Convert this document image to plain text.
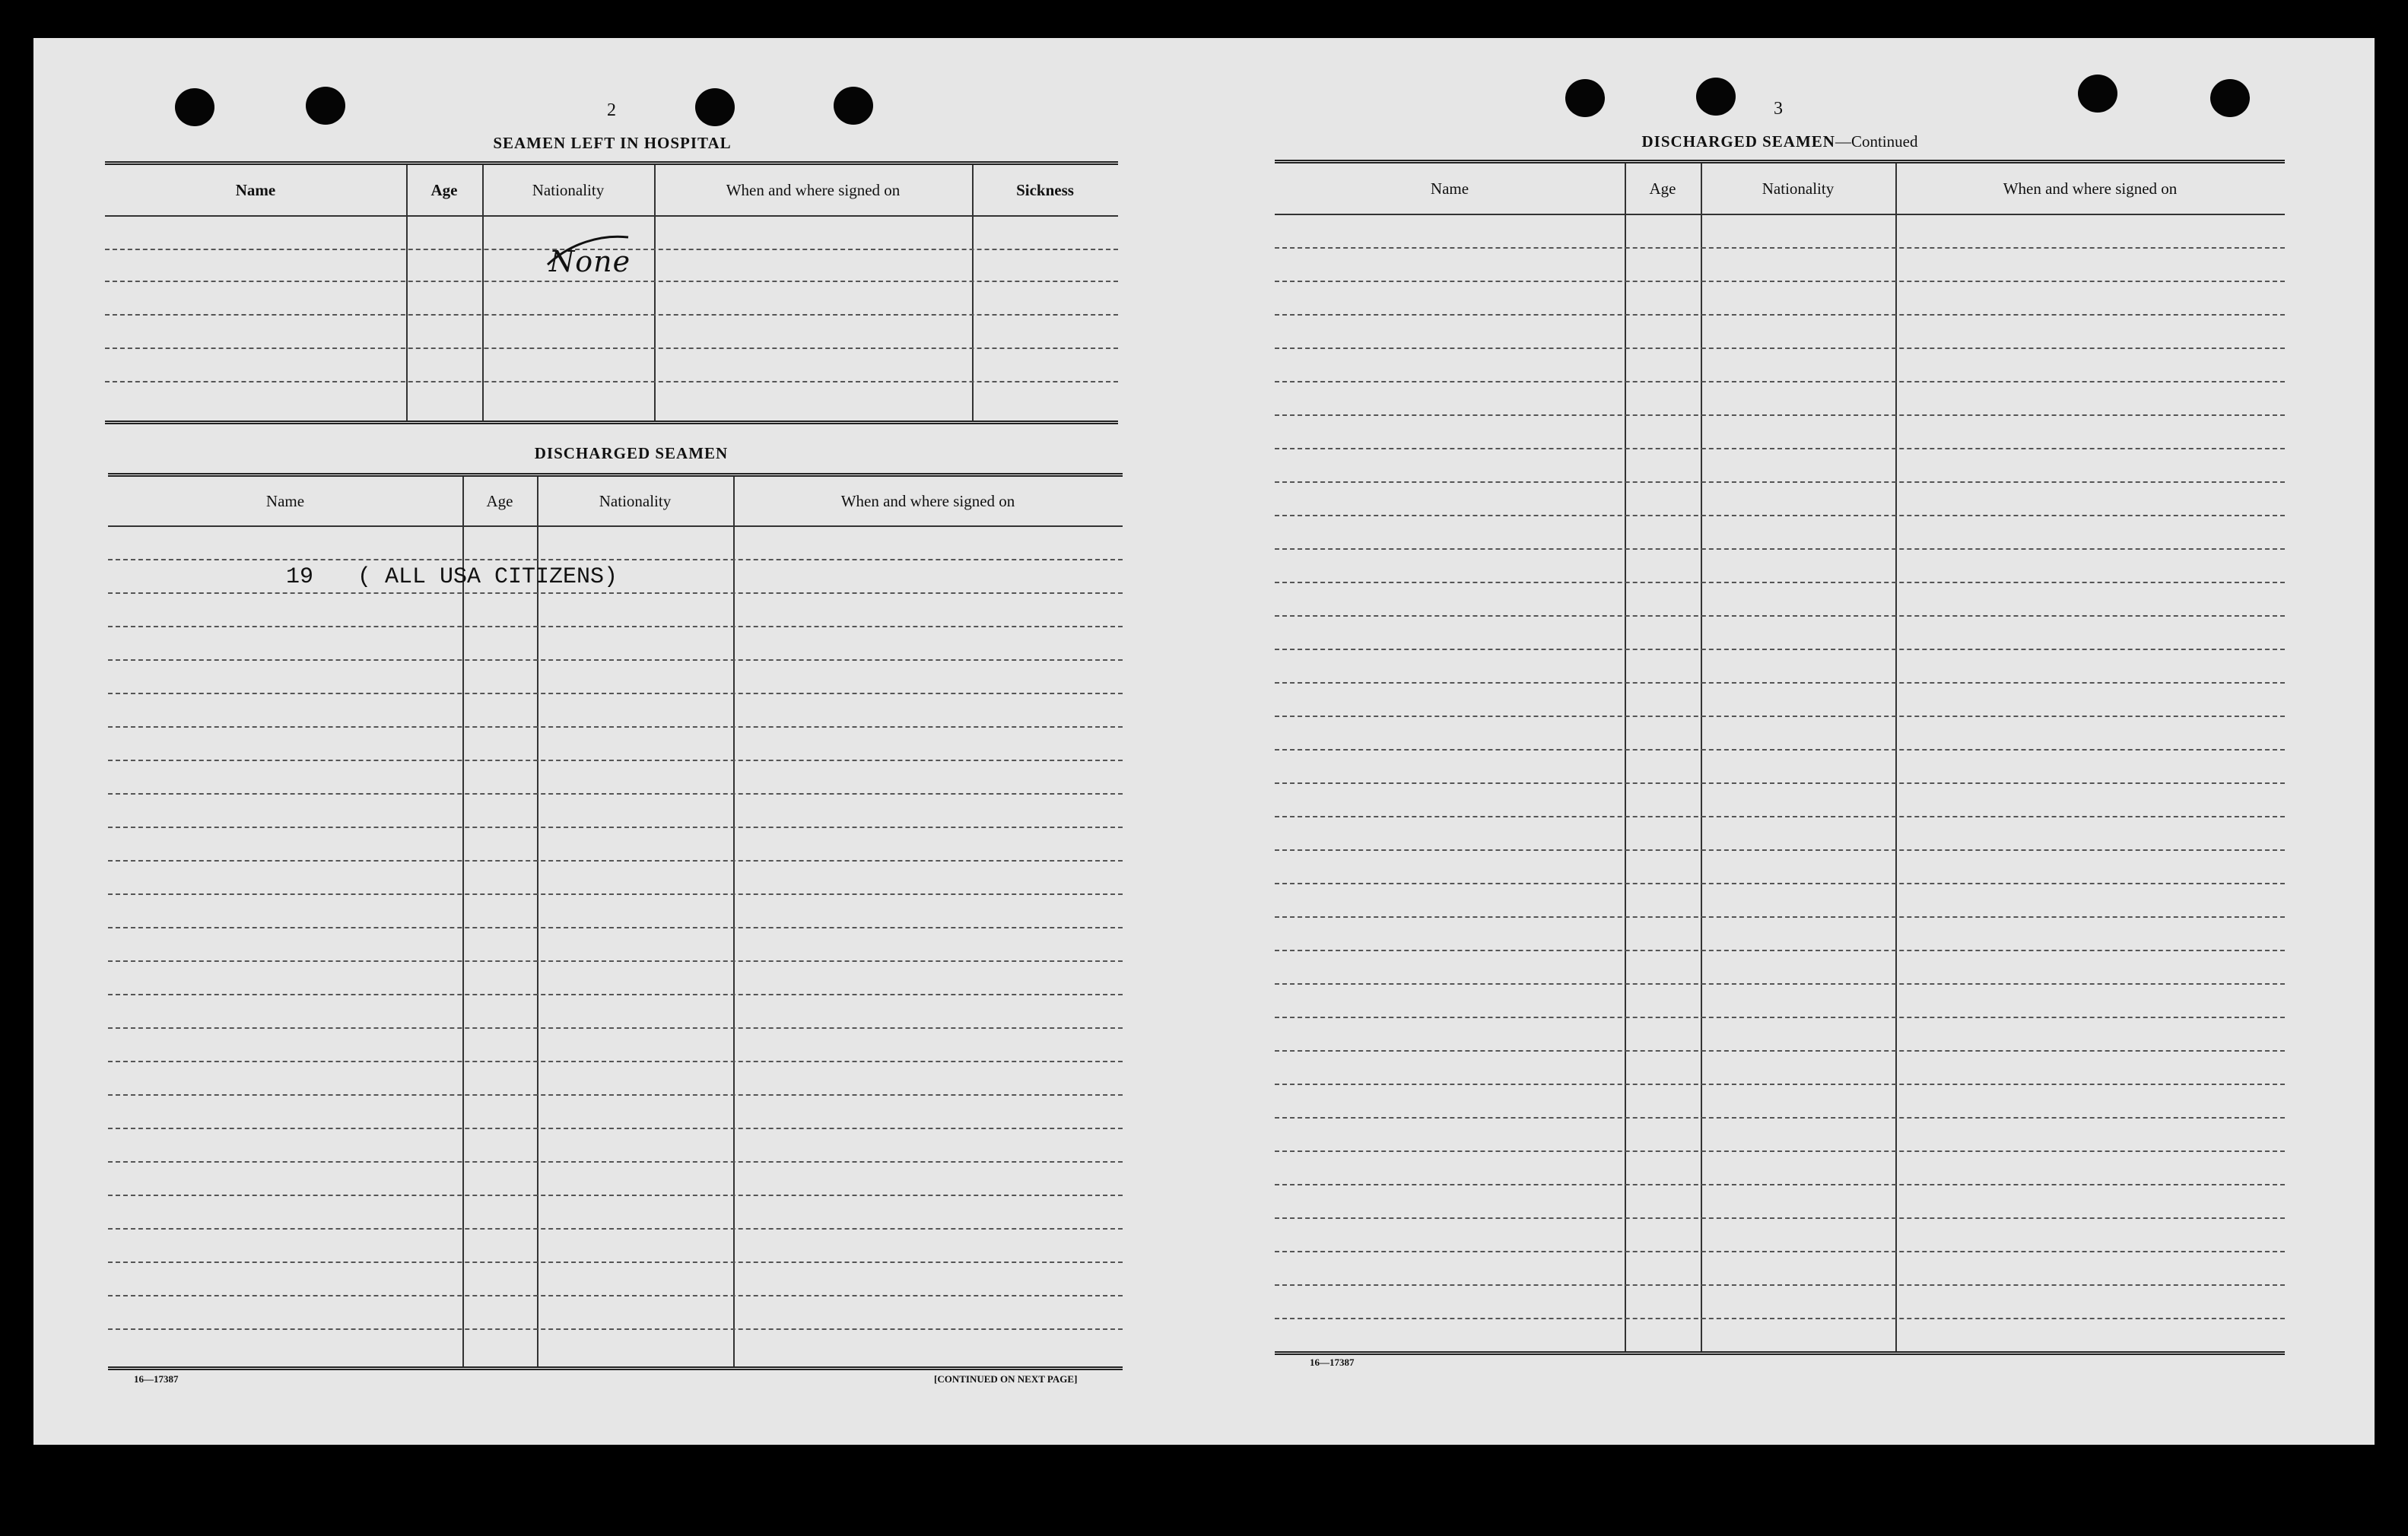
2
SEAMEN LEFT IN HOSPITAL
Name	Age	Nationality	When and where signed on	Sickness
None
DISCHARGED SEAMEN
Name	Age	Nationality	When and where signed on
19 ( ALL USA CITIZENS)
16—17387	[CONTINUED ON NEXT PAGE]
3
DISCHARGED SEAMEN—Continued
Name	Age	Nationality	When and where signed on
16—17387
